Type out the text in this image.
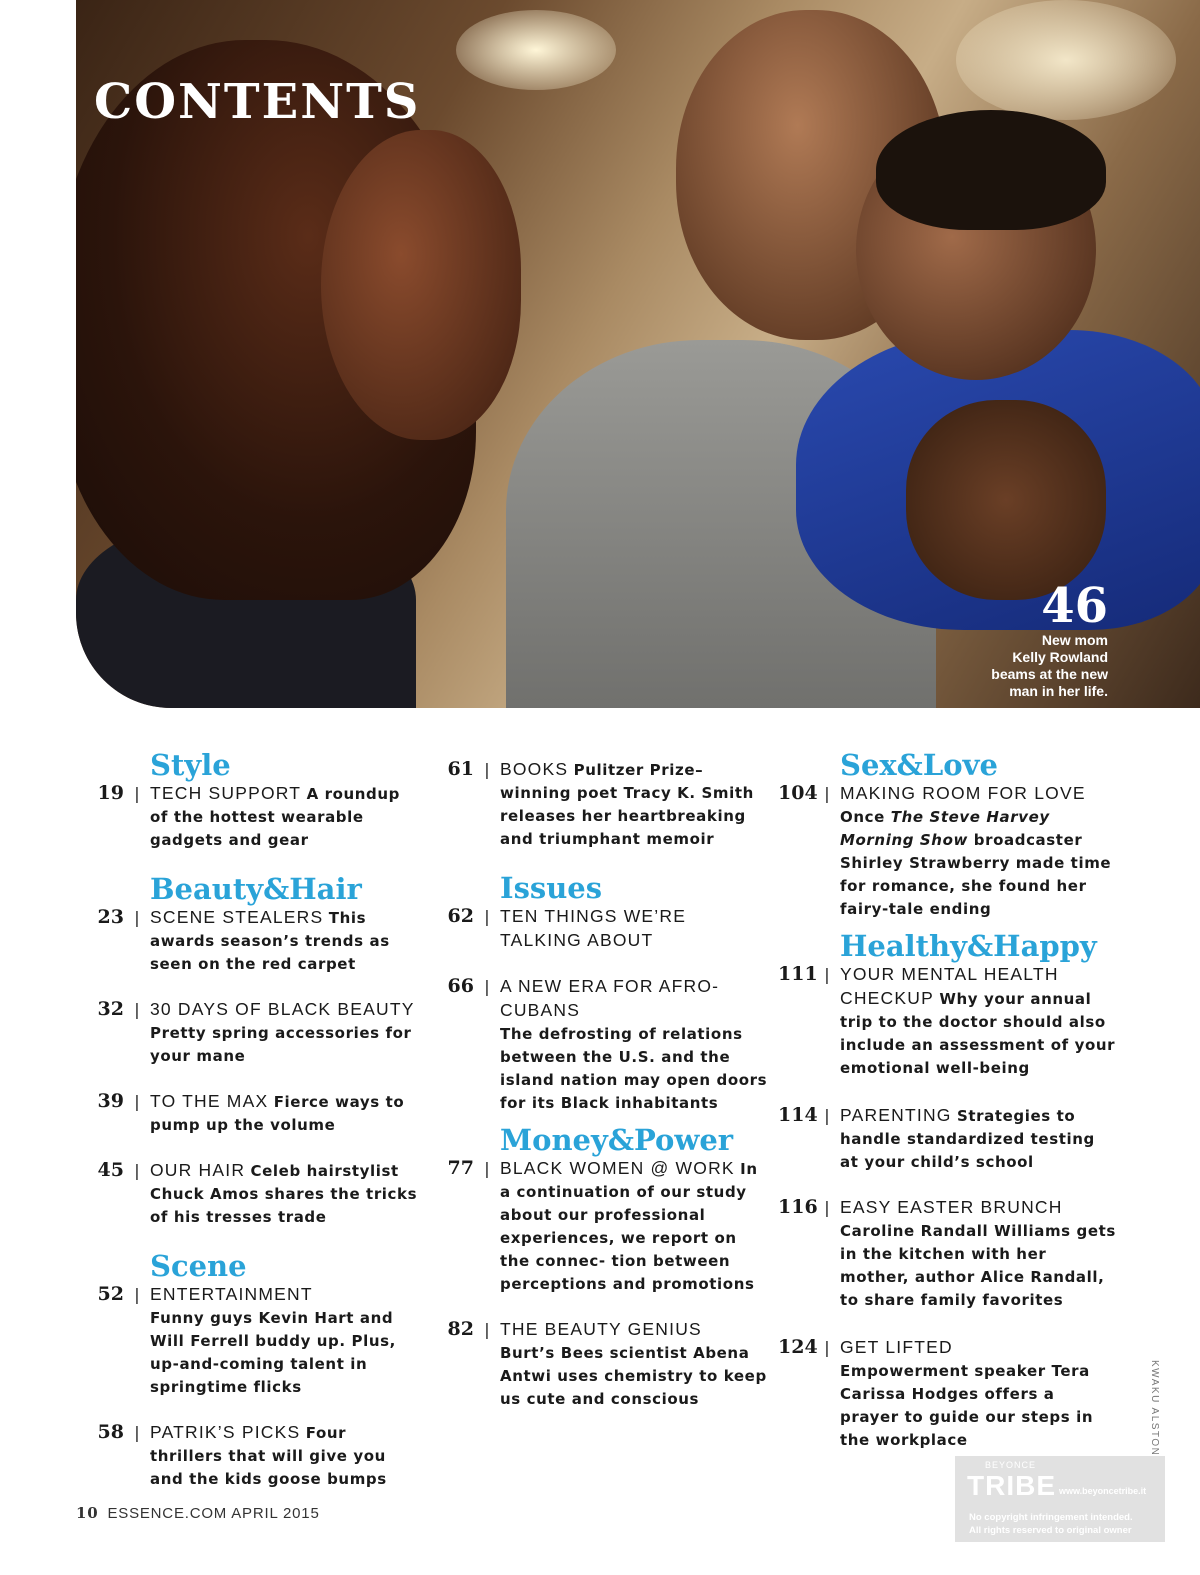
CONTENTS
46
New mom
Kelly Rowland
beams at the new
man in her life.
Style
19 | TECH SUPPORT A roundup of the hottest wearable gadgets and gear
Beauty&Hair
23 | SCENE STEALERS This awards season’s trends as seen on the red carpet
32 | 30 DAYS OF BLACK BEAUTY Pretty spring accessories for your mane
39 | TO THE MAX Fierce ways to pump up the volume
45 | OUR HAIR Celeb hairstylist Chuck Amos shares the tricks of his tresses trade
Scene
52 | ENTERTAINMENT
Funny guys Kevin Hart and Will Ferrell buddy up. Plus, up-and-coming talent in springtime flicks
58 | PATRIK’S PICKS Four thrillers that will give you and the kids goose bumps
61 | BOOKS Pulitzer Prize–winning poet Tracy K. Smith releases her heartbreaking and triumphant memoir
Issues
62 | TEN THINGS WE’RE TALKING ABOUT
66 | A NEW ERA FOR AFRO-CUBANS
The defrosting of relations between the U.S. and the island nation may open doors for its Black inhabitants
Money&Power
77 | BLACK WOMEN @ WORK In a continuation of our study about our professional experiences, we report on the connec- tion between perceptions and promotions
82 | THE BEAUTY GENIUS
Burt’s Bees scientist Abena Antwi uses chemistry to keep us cute and conscious
Sex&Love
104 | MAKING ROOM FOR LOVE
Once The Steve Harvey Morning Show broadcaster Shirley Strawberry made time for romance, she found her fairy-tale ending
Healthy&Happy
111 | YOUR MENTAL HEALTH CHECKUP Why your annual trip to the doctor should also include an assessment of your emotional well-being
114 | PARENTING Strategies to handle standardized testing at your child’s school
116 | EASY EASTER BRUNCH
Caroline Randall Williams gets in the kitchen with her mother, author Alice Randall, to share family favorites
124 | GET LIFTED
Empowerment speaker Tera Carissa Hodges offers a prayer to guide our steps in the workplace
10 ESSENCE.COM APRIL 2015
KWAKU ALSTON
BEYONCE
TRIBE www.beyoncetribe.it
No copyright infringement intended.
All rights reserved to original owner
